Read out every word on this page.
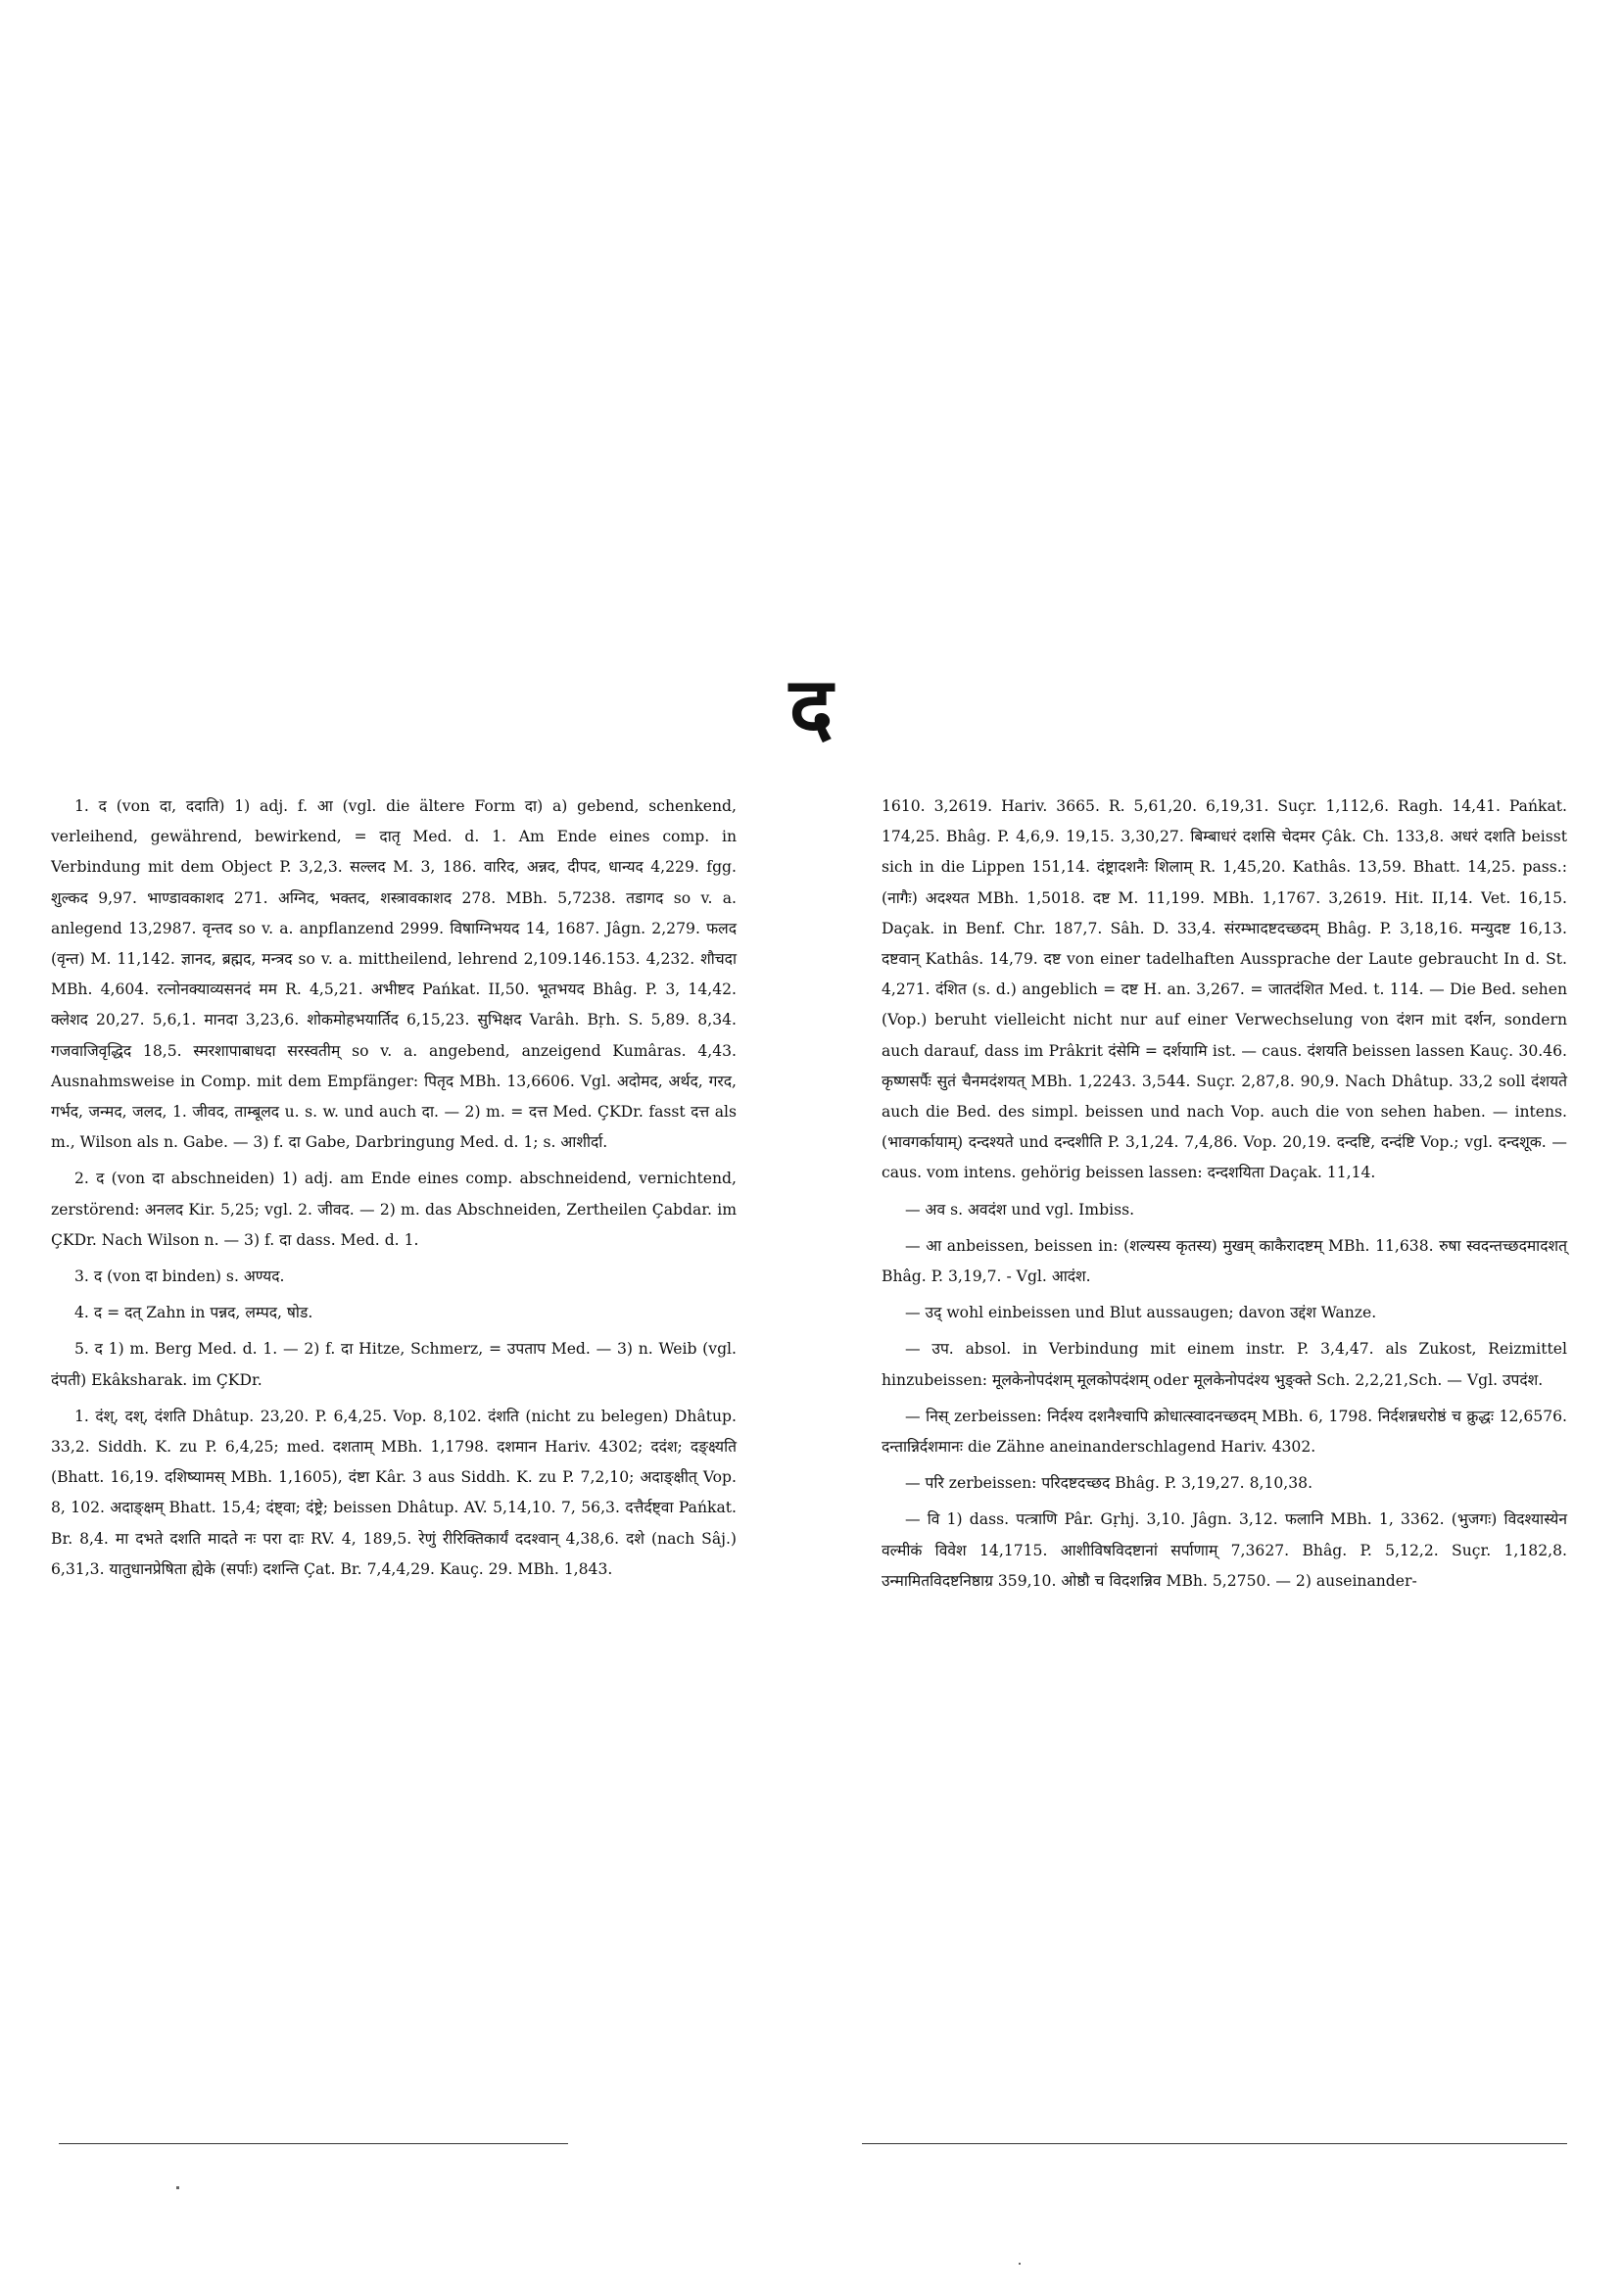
द

1. द (von दा, ददाति) 1) adj. f. आ (vgl. die ältere Form दा) a) gebend, schenkend, verleihend, gewährend, bewirkend, = दातृ Med. d. 1. Am Ende eines comp. in Verbindung mit dem Object P. 3,2,3. सल्लद M. 3, 186. वारिद, अन्नद, दीपद, धान्यद 4,229. fgg. शुल्कद 9,97. भाण्डावकाशद 271. अग्निद, भक्तद, शस्त्रावकाशद 278. MBh. 5,7238. तडागद so v. a. anlegend 13,2987. वृन्तद so v. a. anpflanzend 2999. विषाग्निभयद 14, 1687. Jâgn. 2,279. फलद (वृन्त) M. 11,142. ज्ञानद, ब्रह्मद, मन्त्रद so v. a. mittheilend, lehrend 2,109.146.153. 4,232. शौचदा MBh. 4,604. रत्नोनक्याव्यसनदं मम R. 4,5,21. अभीष्टद Pańkat. II,50. भूतभयद Bhâg. P. 3, 14,42. क्लेशद 20,27. 5,6,1. मानदा 3,23,6. शोकमोहभयार्तिद 6,15,23. सुभिक्षद Varâh. Bṛh. S. 5,89. 8,34. गजवाजिवृद्धिद 18,5. स्मरशापाबाधदा सरस्वतीम् so v. a. angebend, anzeigend Kumâras. 4,43. Ausnahmsweise in Comp. mit dem Empfänger: पितृद MBh. 13,6606. Vgl. अदोमद, अर्थद, गरद, गर्भद, जन्मद, जलद, 1. जीवद, ताम्बूलद u. s. w. und auch दा. — 2) m. = दत्त Med. ÇKDr. fasst दत्त als m., Wilson als n. Gabe. — 3) f. दा Gabe, Darbringung Med. d. 1; s. आशीर्दा.

2. द (von दा abschneiden) 1) adj. am Ende eines comp. abschneidend, vernichtend, zerstörend: अनलद Kir. 5,25; vgl. 2. जीवद. — 2) m. das Abschneiden, Zertheilen Çabdar. im ÇKDr. Nach Wilson n. — 3) f. दा dass. Med. d. 1.

3. द (von दा binden) s. अण्यद.

4. द = दत् Zahn in पन्नद, लम्पद, षोड.

5. द 1) m. Berg Med. d. 1. — 2) f. दा Hitze, Schmerz, = उपताप Med. — 3) n. Weib (vgl. दंपती) Ekâksharak. im ÇKDr.

1. दंश्, दश्, दंशति Dhâtup. 23,20. P. 6,4,25. Vop. 8,102. दंशति (nicht zu belegen) Dhâtup. 33,2. Siddh. K. zu P. 6,4,25; med. दशताम् MBh. 1,1798. दशमान Hariv. 4302; ददंश; दङ्क्ष्यति (Bhatt. 16,19. दशिष्यामस् MBh. 1,1605), दंष्टा Kâr. 3 aus Siddh. K. zu P. 7,2,10; अदाङ्क्षीत् Vop. 8, 102. अदाङ्क्षम् Bhatt. 15,4; दंष्ट्वा; दंष्ट्रे; beissen Dhâtup. AV. 5,14,10. 7, 56,3. दत्तैर्दष्ट्वा Pańkat. Br. 8,4. मा दभते दशति मादते नः परा दाः RV. 4, 189,5. रेणुं रीरिक्तिकार्यं ददश्वान् 4,38,6. दशे (nach Sâj.) 6,31,3. यातुधानप्रेषिता ह्येके (सर्पाः) दशन्ति Çat. Br. 7,4,4,29. Kauç. 29. MBh. 1,843.

1610. 3,2619. Hariv. 3665. R. 5,61,20. 6,19,31. Suçr. 1,112,6. Ragh. 14,41. Pańkat. 174,25. Bhâg. P. 4,6,9. 19,15. 3,30,27. बिम्बाधरं दशसि चेदमर Çâk. Ch. 133,8. अधरं दशति beisst sich in die Lippen 151,14. दंष्ट्रादशनैः शिलाम् R. 1,45,20. Kathâs. 13,59. Bhatt. 14,25. pass.: (नागैः) अदश्यत MBh. 1,5018. दष्ट M. 11,199. MBh. 1,1767. 3,2619. Hit. II,14. Vet. 16,15. Daçak. in Benf. Chr. 187,7. Sâh. D. 33,4. संरम्भादष्टदच्छदम् Bhâg. P. 3,18,16. मन्युदष्ट 16,13. दष्टवान् Kathâs. 14,79. दष्ट von einer tadelhaften Aussprache der Laute gebraucht In d. St. 4,271. दंशित (s. d.) angeblich = दष्ट H. an. 3,267. = जातदंशित Med. t. 114. — Die Bed. sehen (Vop.) beruht vielleicht nicht nur auf einer Verwechselung von दंशन mit दर्शन, sondern auch darauf, dass im Prâkrit दंसेमि = दर्शयामि ist. — caus. दंशयति beissen lassen Kauç. 30.46. कृष्णसर्पैः सुतं चैनमदंशयत् MBh. 1,2243. 3,544. Suçr. 2,87,8. 90,9. Nach Dhâtup. 33,2 soll दंशयते auch die Bed. des simpl. beissen und nach Vop. auch die von sehen haben. — intens. (भावगर्कायाम्) दन्दश्यते und दन्दशीति P. 3,1,24. 7,4,86. Vop. 20,19. दन्दष्टि, दन्दंष्टि Vop.; vgl. दन्दशूक. — caus. vom intens. gehörig beissen lassen: दन्दशयिता Daçak. 11,14.

— अव s. अवदंश und vgl. Imbiss.

— आ anbeissen, beissen in: (शल्यस्य कृतस्य) मुखम् काकैरादष्टम् MBh. 11,638. रुषा स्वदन्तच्छदमादशत् Bhâg. P. 3,19,7. - Vgl. आदंश.

— उद् wohl einbeissen und Blut aussaugen; davon उद्दंश Wanze.

— उप. absol. in Verbindung mit einem instr. P. 3,4,47. als Zukost, Reizmittel hinzubeissen: मूलकेनोपदंशम् मूलकोपदंशम् oder मूलकेनोपदंश्य भुङ्क्ते Sch. 2,2,21,Sch. — Vgl. उपदंश.

— निस् zerbeissen: निर्दश्य दशनैश्चापि क्रोधात्स्वादनच्छदम् MBh. 6, 1798. निर्दशन्नधरोष्ठं च क्रुद्धः 12,6576. दन्तान्निर्दशमानः die Zähne aneinanderschlagend Hariv. 4302.

— परि zerbeissen: परिदष्टदच्छद Bhâg. P. 3,19,27. 8,10,38.

— वि 1) dass. पत्त्राणि Pâr. Gṛhj. 3,10. Jâgn. 3,12. फलानि MBh. 1, 3362. (भुजगः) विदश्यास्येन वल्मीकं विवेश 14,1715. आशीविषविदष्टानां सर्पाणाम् 7,3627. Bhâg. P. 5,12,2. Suçr. 1,182,8. उन्मामितविदष्टनिष्ठाग्र 359,10. ओष्ठौ च विदशन्निव MBh. 5,2750. — 2) auseinander-
